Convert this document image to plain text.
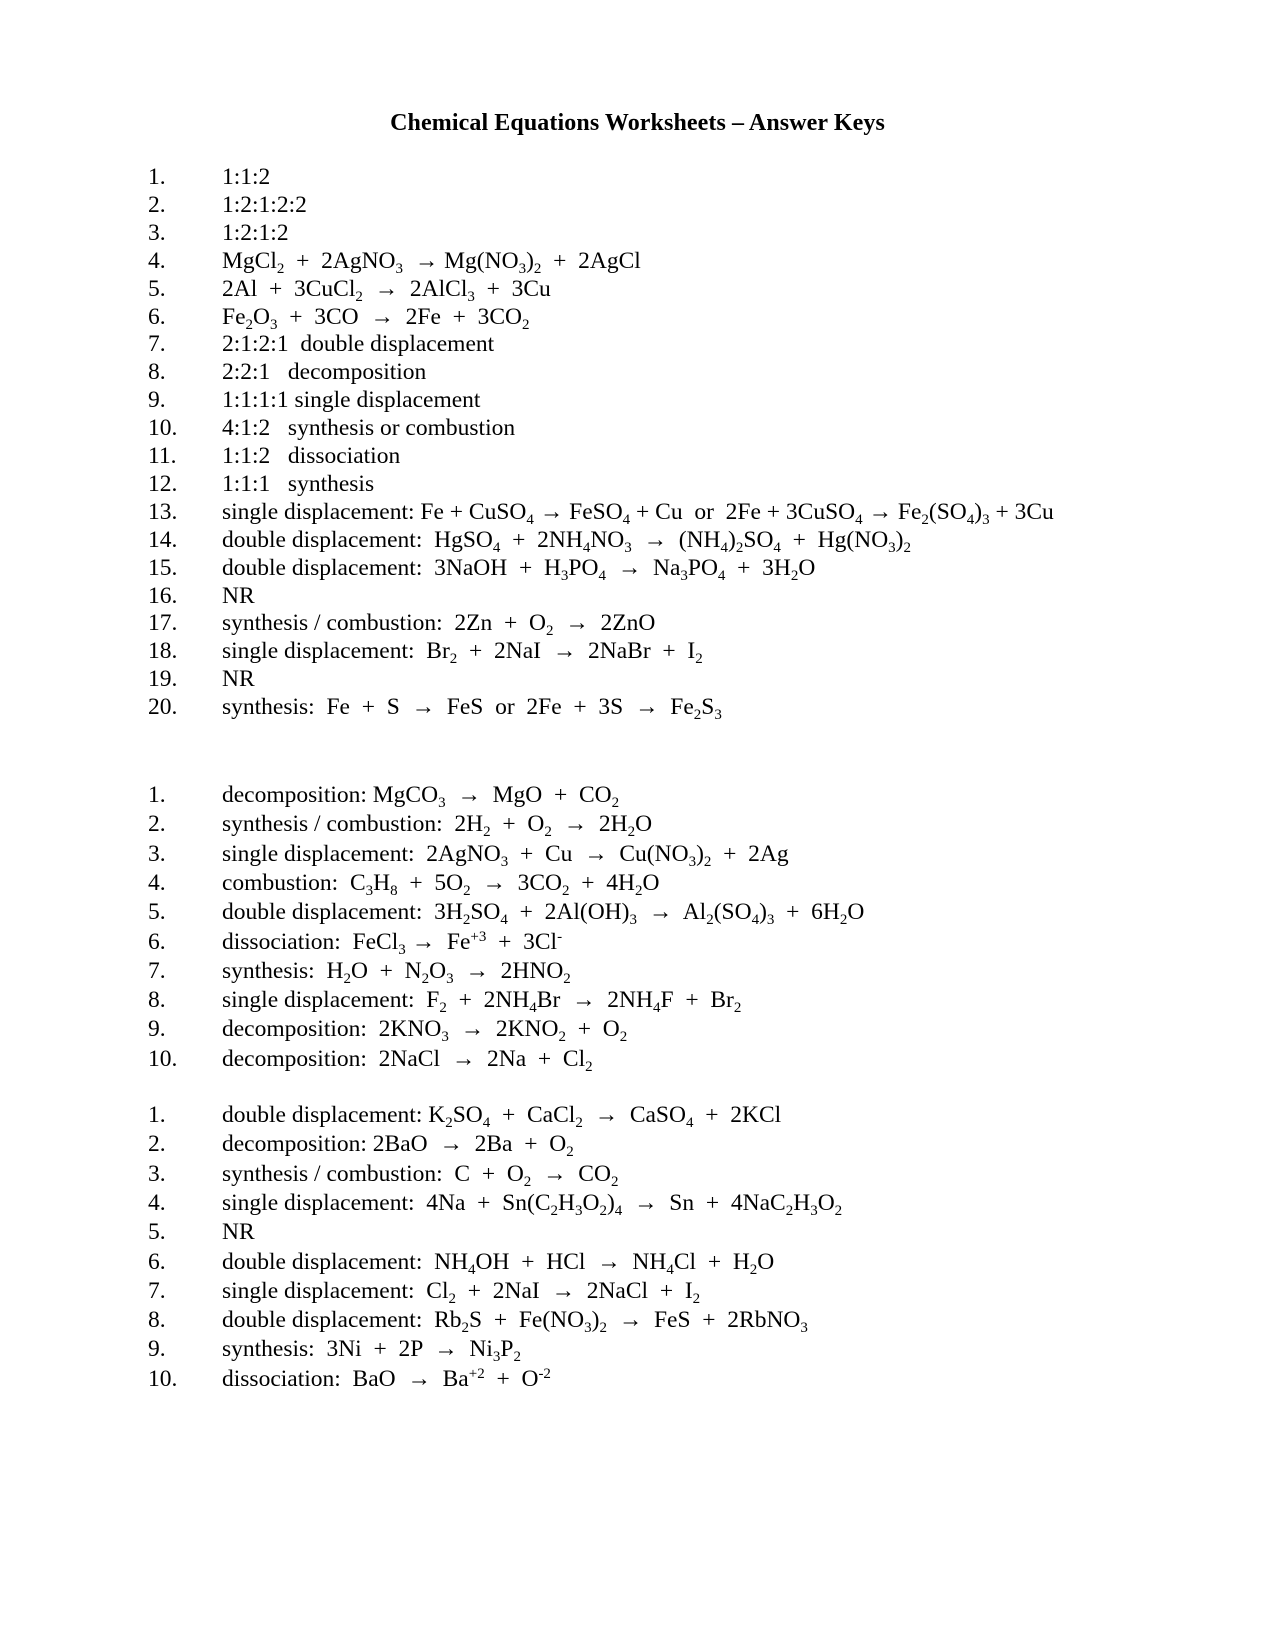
Chemical Equations Worksheets – Answer Keys
1. 1:1:2
2. 1:2:1:2:2
3. 1:2:1:2
4. MgCl$_2$  +  2AgNO$_3$  → $Mg(NO_3)_2$  +  2AgCl
5. 2Al  +  3CuCl$_2$  →  2AlCl$_3$  +  3Cu
6. $Fe_2O_3 + 3CO \to 2Fe + 3CO_2$
7. 2:1:2:1  double displacement
8. 2:2:1   decomposition
9. 1:1:1:1 single displacement
10. 4:1:2   synthesis or combustion
11. 1:1:2   dissociation
12. 1:1:1   synthesis
13. single displacement: Fe + CuSO$_4$ → FeSO$_4$ + Cu  or  2Fe + 3CuSO$_4$ → $Fe_2(SO_4)_3 + 3Cu$
14. double displacement:  HgSO$_4$  +  $2NH_4NO_3 \to (NH_4)_2SO_4 + Hg(NO_3)_2$
15. double displacement:  3NaOH  +  $H_3PO_4 \to Na_3PO_4 + 3H_2O$
16. NR
17. synthesis / combustion:  $2Zn + O_2 \to 2ZnO$
18. single displacement:  $Br_2 + 2NaI$  →  2NaBr  +  $I_2$
19. NR
20. synthesis:  Fe  +  S  →  FeS  or  $2Fe + 3S \to Fe_2S_3$
1. decomposition: MgCO$_3$  →  MgO  +  $CO_2$
2. synthesis / combustion:  $2H_2 + O_2 \to 2H_2O$
3. single displacement:  2AgNO$_3$  +  $Cu \to Cu(NO_3)_2 + 2Ag$
4. combustion:  $C_3H_8 + 5O_2 \to 3CO_2 + 4H_2O$
5. double displacement:  $3H_2SO_4 + 2Al(OH)_3 \to Al_2(SO_4)_3 + 6H_2O$
6. dissociation:  FeCl$_3$ →  $Fe^{+3} + 3Cl^-$
7. synthesis:  $H_2O + N_2O_3 \to 2HNO_2$
8. single displacement:  $F_2 + 2NH_4Br \to 2NH_4F + Br_2$
9. decomposition:  $2KNO_3 \to 2KNO_2 + O_2$
10. decomposition:  2NaCl  →  $2Na + Cl_2$
1. double displacement: $K_2SO_4$  +  CaCl$_2$  →  CaSO$_4$  +  2KCl
2. decomposition: $2BaO \to 2Ba + O_2$
3. synthesis / combustion:  $C + O_2 \to CO_2$
4. single displacement:  $4Na + Sn(C_2H_3O_2)_4 \to Sn + 4NaC_2H_3O_2$
5. NR
6. double displacement:  $NH_4OH$  +  HCl  →  $NH_4Cl + H_2O$
7. single displacement:  $Cl_2 + 2NaI$  →  2NaCl  +  $I_2$
8. double displacement:  $Rb_2S + Fe(NO_3)_2$  →  FeS  +  2RbNO$_3$
9. synthesis:  $3Ni + 2P \to Ni_3P_2$
10. dissociation:  BaO  →  $Ba^{+2} + O^{-2}$
